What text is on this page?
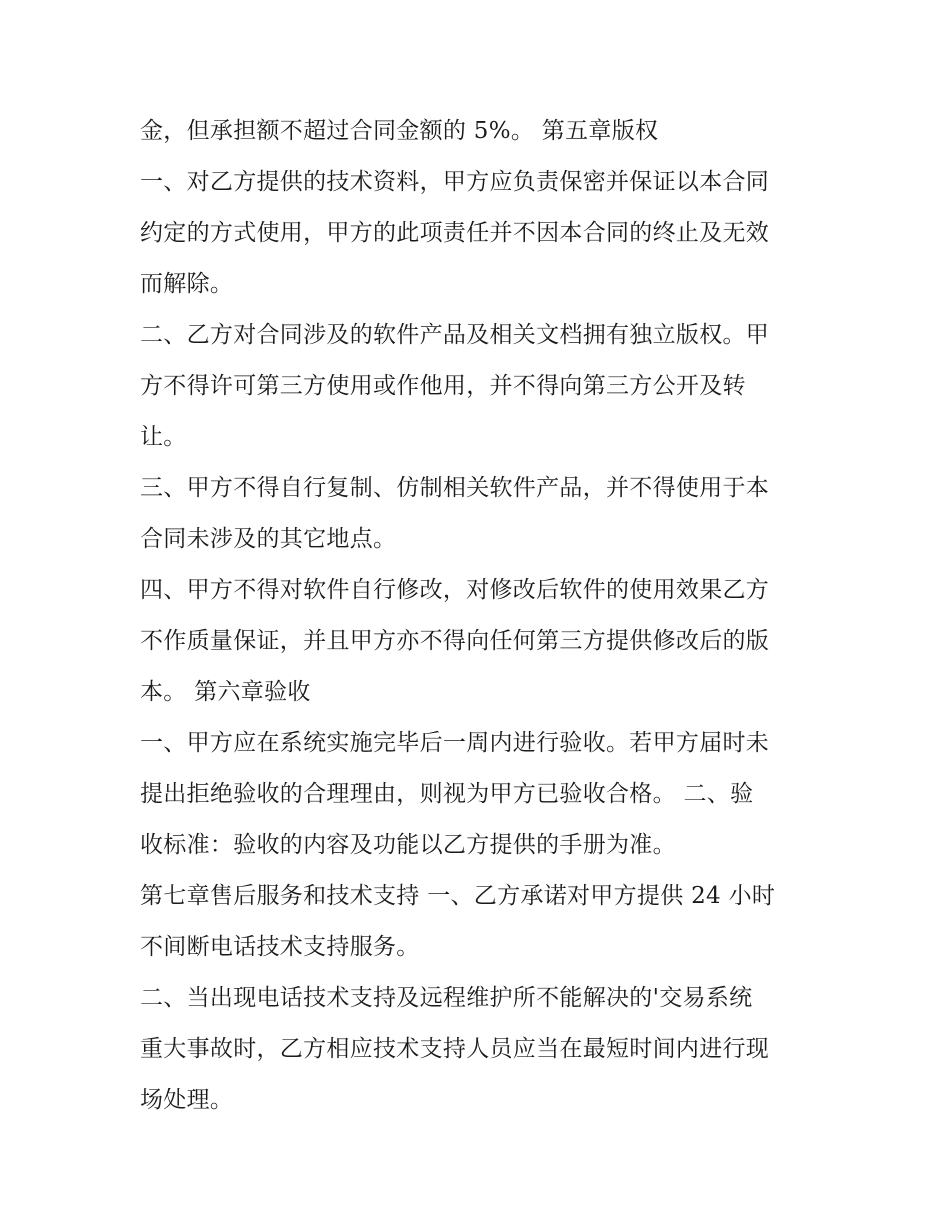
金，但承担额不超过合同金额的 5%。 第五章版权
一、对乙方提供的技术资料，甲方应负责保密并保证以本合同
约定的方式使用，甲方的此项责任并不因本合同的终止及无效
而解除。
二、乙方对合同涉及的软件产品及相关文档拥有独立版权。甲
方不得许可第三方使用或作他用，并不得向第三方公开及转
让。
三、甲方不得自行复制、仿制相关软件产品，并不得使用于本
合同未涉及的其它地点。
四、甲方不得对软件自行修改，对修改后软件的使用效果乙方
不作质量保证，并且甲方亦不得向任何第三方提供修改后的版
本。 第六章验收
一、甲方应在系统实施完毕后一周内进行验收。若甲方届时未
提出拒绝验收的合理理由，则视为甲方已验收合格。 二、验
收标准：验收的内容及功能以乙方提供的手册为准。
第七章售后服务和技术支持 一、乙方承诺对甲方提供 24 小时
不间断电话技术支持服务。
二、当出现电话技术支持及远程维护所不能解决的'交易系统
重大事故时，乙方相应技术支持人员应当在最短时间内进行现
场处理。
